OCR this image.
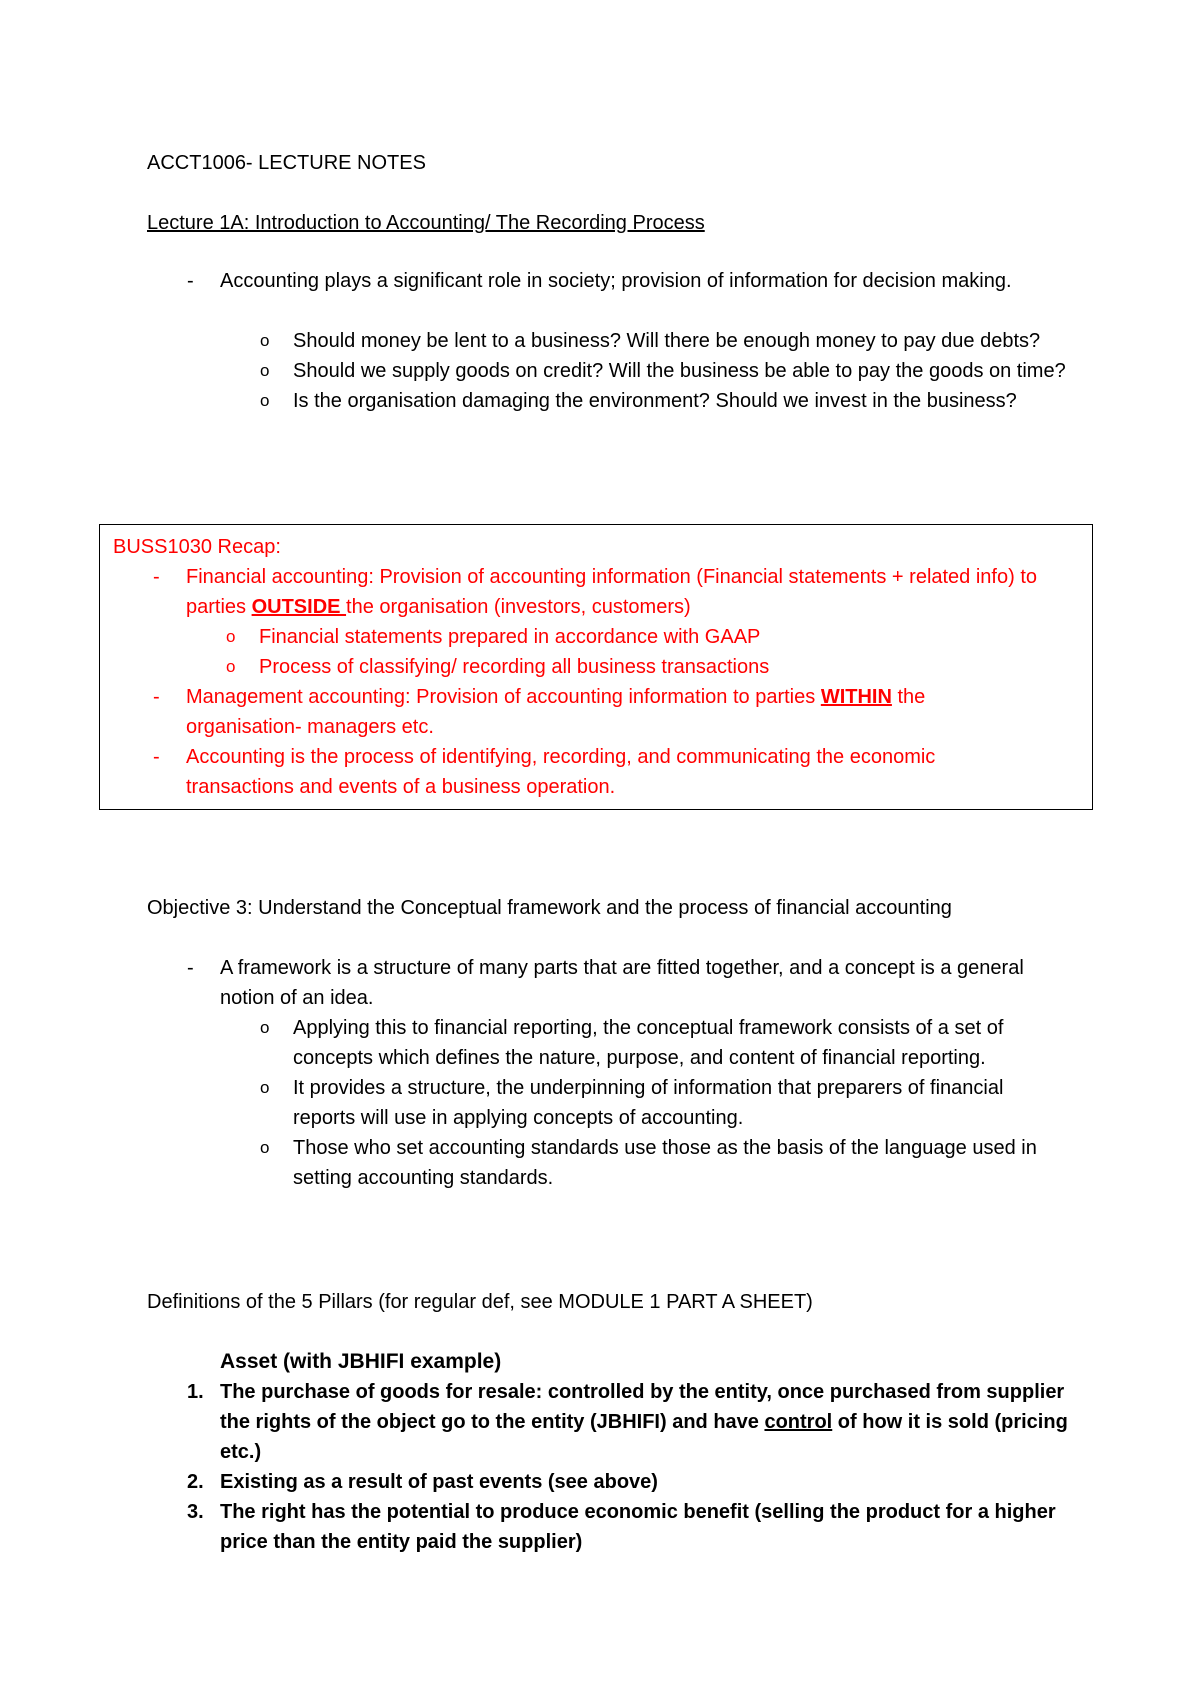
ACCT1006- LECTURE NOTES
Lecture 1A: Introduction to Accounting/ The Recording Process
- Accounting plays a significant role in society; provision of information for decision making.
o Should money be lent to a business? Will there be enough money to pay due debts?
o Should we supply goods on credit? Will the business be able to pay the goods on time?
o Is the organisation damaging the environment? Should we invest in the business?
BUSS1030 Recap:
- Financial accounting: Provision of accounting information (Financial statements + related info) to parties OUTSIDE the organisation (investors, customers)
o Financial statements prepared in accordance with GAAP
o Process of classifying/ recording all business transactions
- Management accounting: Provision of accounting information to parties WITHIN the organisation- managers etc.
- Accounting is the process of identifying, recording, and communicating the economic transactions and events of a business operation.
Objective 3: Understand the Conceptual framework and the process of financial accounting
- A framework is a structure of many parts that are fitted together, and a concept is a general notion of an idea.
o Applying this to financial reporting, the conceptual framework consists of a set of concepts which defines the nature, purpose, and content of financial reporting.
o It provides a structure, the underpinning of information that preparers of financial reports will use in applying concepts of accounting.
o Those who set accounting standards use those as the basis of the language used in setting accounting standards.
Definitions of the 5 Pillars (for regular def, see MODULE 1 PART A SHEET)
Asset (with JBHIFI example)
1. The purchase of goods for resale: controlled by the entity, once purchased from supplier the rights of the object go to the entity (JBHIFI) and have control of how it is sold (pricing etc.)
2. Existing as a result of past events (see above)
3. The right has the potential to produce economic benefit (selling the product for a higher price than the entity paid the supplier)
